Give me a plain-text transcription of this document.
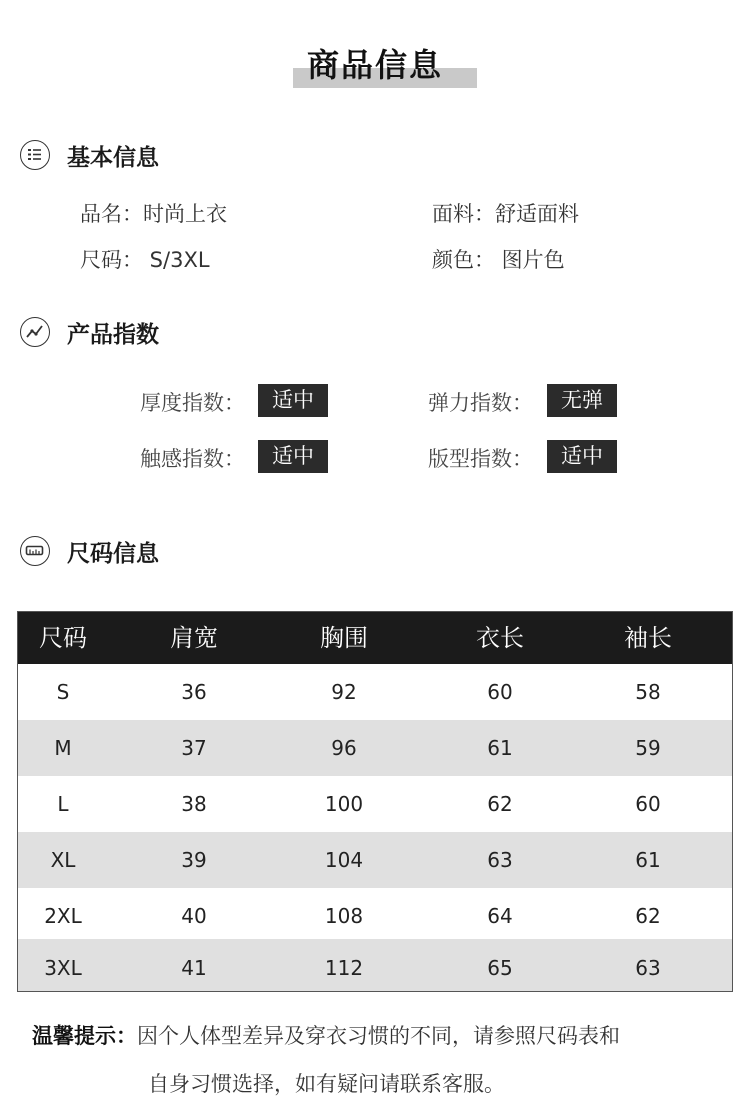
商品信息
基本信息
品名：时尚上衣	面料：舒适面料
尺码： S/3XL	颜色： 图片色
产品指数
厚度指数：	适中	弹力指数：	无弹
触感指数：	适中	版型指数：	适中
尺码信息
尺码	肩宽	胸围	衣长	袖长
S	36	92	60	58
M	37	96	61	59
L	38	100	62	60
XL	39	104	63	61
2XL	40	108	64	62
3XL	41	112	65	63
温馨提示：因个人体型差异及穿衣习惯的不同，请参照尺码表和
自身习惯选择，如有疑问请联系客服。
